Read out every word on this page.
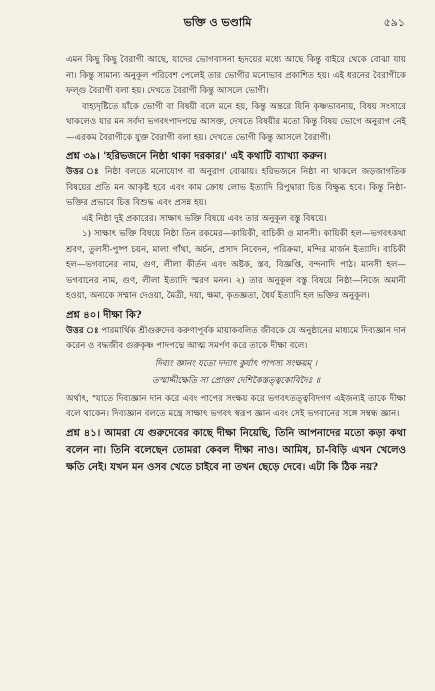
ভক্তি ও ভণ্ডামি	৫৯১

এমন কিছু কিছু বৈরাগী আছে, যাদের ভোগবাসনা হৃদয়ের মধ্যে আছে কিন্তু বাইরে থেকে বোঝা যায় না। কিন্তু সামান্য অনুকূল পরিবেশ পেলেই তার ভোগীর মনোভাব প্রকাশিত হয়। এই ধরনের বৈরাগীকে ফল্গু বৈরাগী বলা হয়। দেখতে বৈরাগী কিন্তু আসলে ভোগী।

বাহ্যদৃষ্টিতে যাঁকে ভোগী বা বিষয়ী বলে মনে হয়, কিন্তু অন্তরে যিনি কৃষ্ণভাবনায়, বিষয় সংসারে থাকলেও যার মন সর্বদা ভগবৎপাদপদ্মে আসক্ত, দেখতে বিষয়ীর মতো কিন্তু বিষয় ভোগে অনুরাগ নেই—এরকম বৈরাগীকে যুক্ত বৈরাগী বলা হয়। দেখতে ভোগী কিন্তু আসলে বৈরাগী।

প্রশ্ন ৩৯। 'হরিভজনে নিষ্ঠা থাকা দরকার।' এই কথাটি ব্যাখ্যা করুন।

উত্তর ঃ নিষ্ঠা বলতে মনোযোগ বা অনুরাগ বোঝায়। হরিভজনে নিষ্ঠা না থাকলে জড়জাগতিক বিষয়ের প্রতি মন আকৃষ্ট হবে এবং কাম ক্রোধ লোভ ইত্যাদি রিপুদ্বারা চিত্ত বিক্ষুব্ধ হবে। কিন্তু নিষ্ঠা-ভক্তির প্রভাবে চিত্ত বিশুদ্ধ এবং প্রসন্ন হয়।

এই নিষ্ঠা দুই প্রকারের। সাক্ষাৎ ভক্তি বিষয়ে এবং তার অনুকূল বস্তু বিষয়ে।

১) সাক্ষাৎ ভক্তি বিষয়ে নিষ্ঠা তিন রকমের—কায়িকী, বাচিকী ও মানসী। কায়িকী হল—ভগবৎকথা শ্রবণ, তুলসী-পুষ্প চয়ন, মালা গাঁথা, অর্চন, প্রসাদ নিবেদন, পরিক্রমা, মন্দির মার্জন ইত্যাদি। বাচিকী হল—ভগবানের নাম, গুণ, লীলা কীর্তন এবং অষ্টক, স্তব, বিজ্ঞপ্তি, বন্দনাদি পাঠ। মানসী হল—ভগবানের নাম, গুণ, লীলা ইত্যাদি স্মরণ মনন। ২) তার অনুকূল বস্তু বিষয়ে নিষ্ঠা—নিজে অমানী হওয়া, অন্যকে সম্মান দেওয়া, মৈত্রী, দয়া, ক্ষমা, কৃতজ্ঞতা, ধৈর্য ইত্যাদি হল ভক্তির অনুকূল।

প্রশ্ন ৪০। দীক্ষা কি?

উত্তর ঃ পারমার্থিক শ্রীগুরুদেব করুণাপূর্বক মায়াকবলিত জীবকে যে অনুষ্ঠানের মাধ্যমে দিব্যজ্ঞান দান করেন ও বদ্ধজীব গুরুকৃষ্ণ পাদপদ্মে আত্ম সমর্পণ করে তাকে দীক্ষা বলে।

দিব্যং জ্ঞানং যতো দদ্যাৎ কুর্যাৎ পাপস্য সংক্ষয়ম্ ।

তস্মাদ্দীক্ষেতি সা প্রোক্তা দেশিকৈস্তত্ত্বকোবিদৈঃ ॥

অর্থাৎ, "যাতে দিব্যজ্ঞান দান করে এবং পাপের সংক্ষয় করে ভগবৎতত্ত্ববিদগণ এইজন্যই তাকে দীক্ষা বলে থাকেন। দিব্যজ্ঞান বলতে মন্ত্রে সাক্ষাৎ ভগবৎ স্বরূপ জ্ঞান এবং সেই ভগবানের সঙ্গে সম্বন্ধ জ্ঞান।

প্রশ্ন ৪১। আমরা যে গুরুদেবের কাছে দীক্ষা নিয়েছি, তিনি আপনাদের মতো কড়া কথা বলেন না। তিনি বলেছেন তোমরা কেবল দীক্ষা নাও। আমিষ, চা-বিড়ি এখন খেলেও ক্ষতি নেই। যখন মন ওসব খেতে চাইবে না তখন ছেড়ে দেবে। এটা কি ঠিক নয়?
